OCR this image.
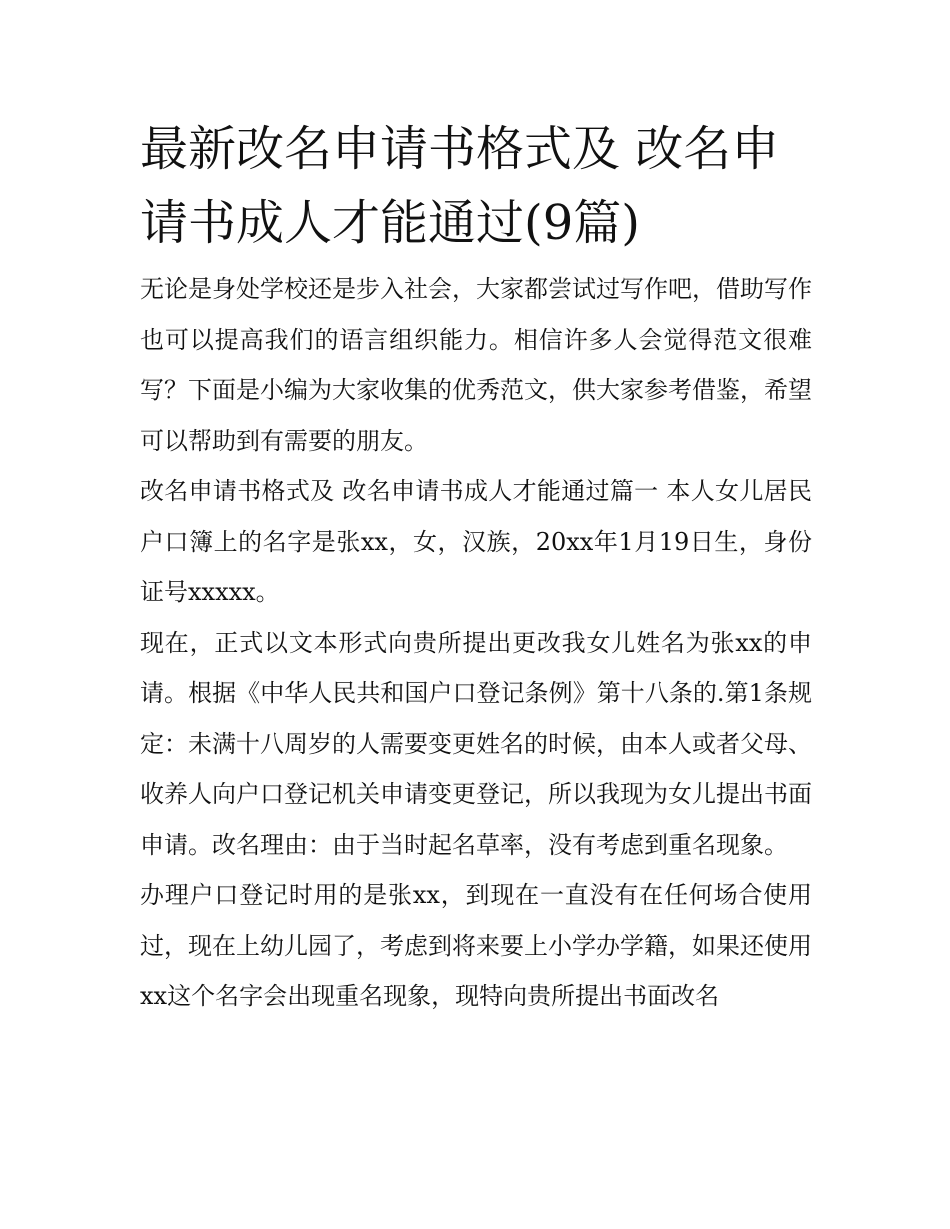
最新改名申请书格式及 改名申请书成人才能通过(9篇)

无论是身处学校还是步入社会，大家都尝试过写作吧，借助写作也可以提高我们的语言组织能力。相信许多人会觉得范文很难写？下面是小编为大家收集的优秀范文，供大家参考借鉴，希望可以帮助到有需要的朋友。

改名申请书格式及 改名申请书成人才能通过篇一 本人女儿居民户口簿上的名字是张xx，女，汉族，20xx年1月19日生，身份证号xxxxx。

现在，正式以文本形式向贵所提出更改我女儿姓名为张xx的申请。根据《中华人民共和国户口登记条例》第十八条的.第1条规定：未满十八周岁的人需要变更姓名的时候，由本人或者父母、收养人向户口登记机关申请变更登记，所以我现为女儿提出书面申请。改名理由：由于当时起名草率，没有考虑到重名现象。

办理户口登记时用的是张xx，到现在一直没有在任何场合使用过，现在上幼儿园了，考虑到将来要上小学办学籍，如果还使用xx这个名字会出现重名现象，现特向贵所提出书面改名
